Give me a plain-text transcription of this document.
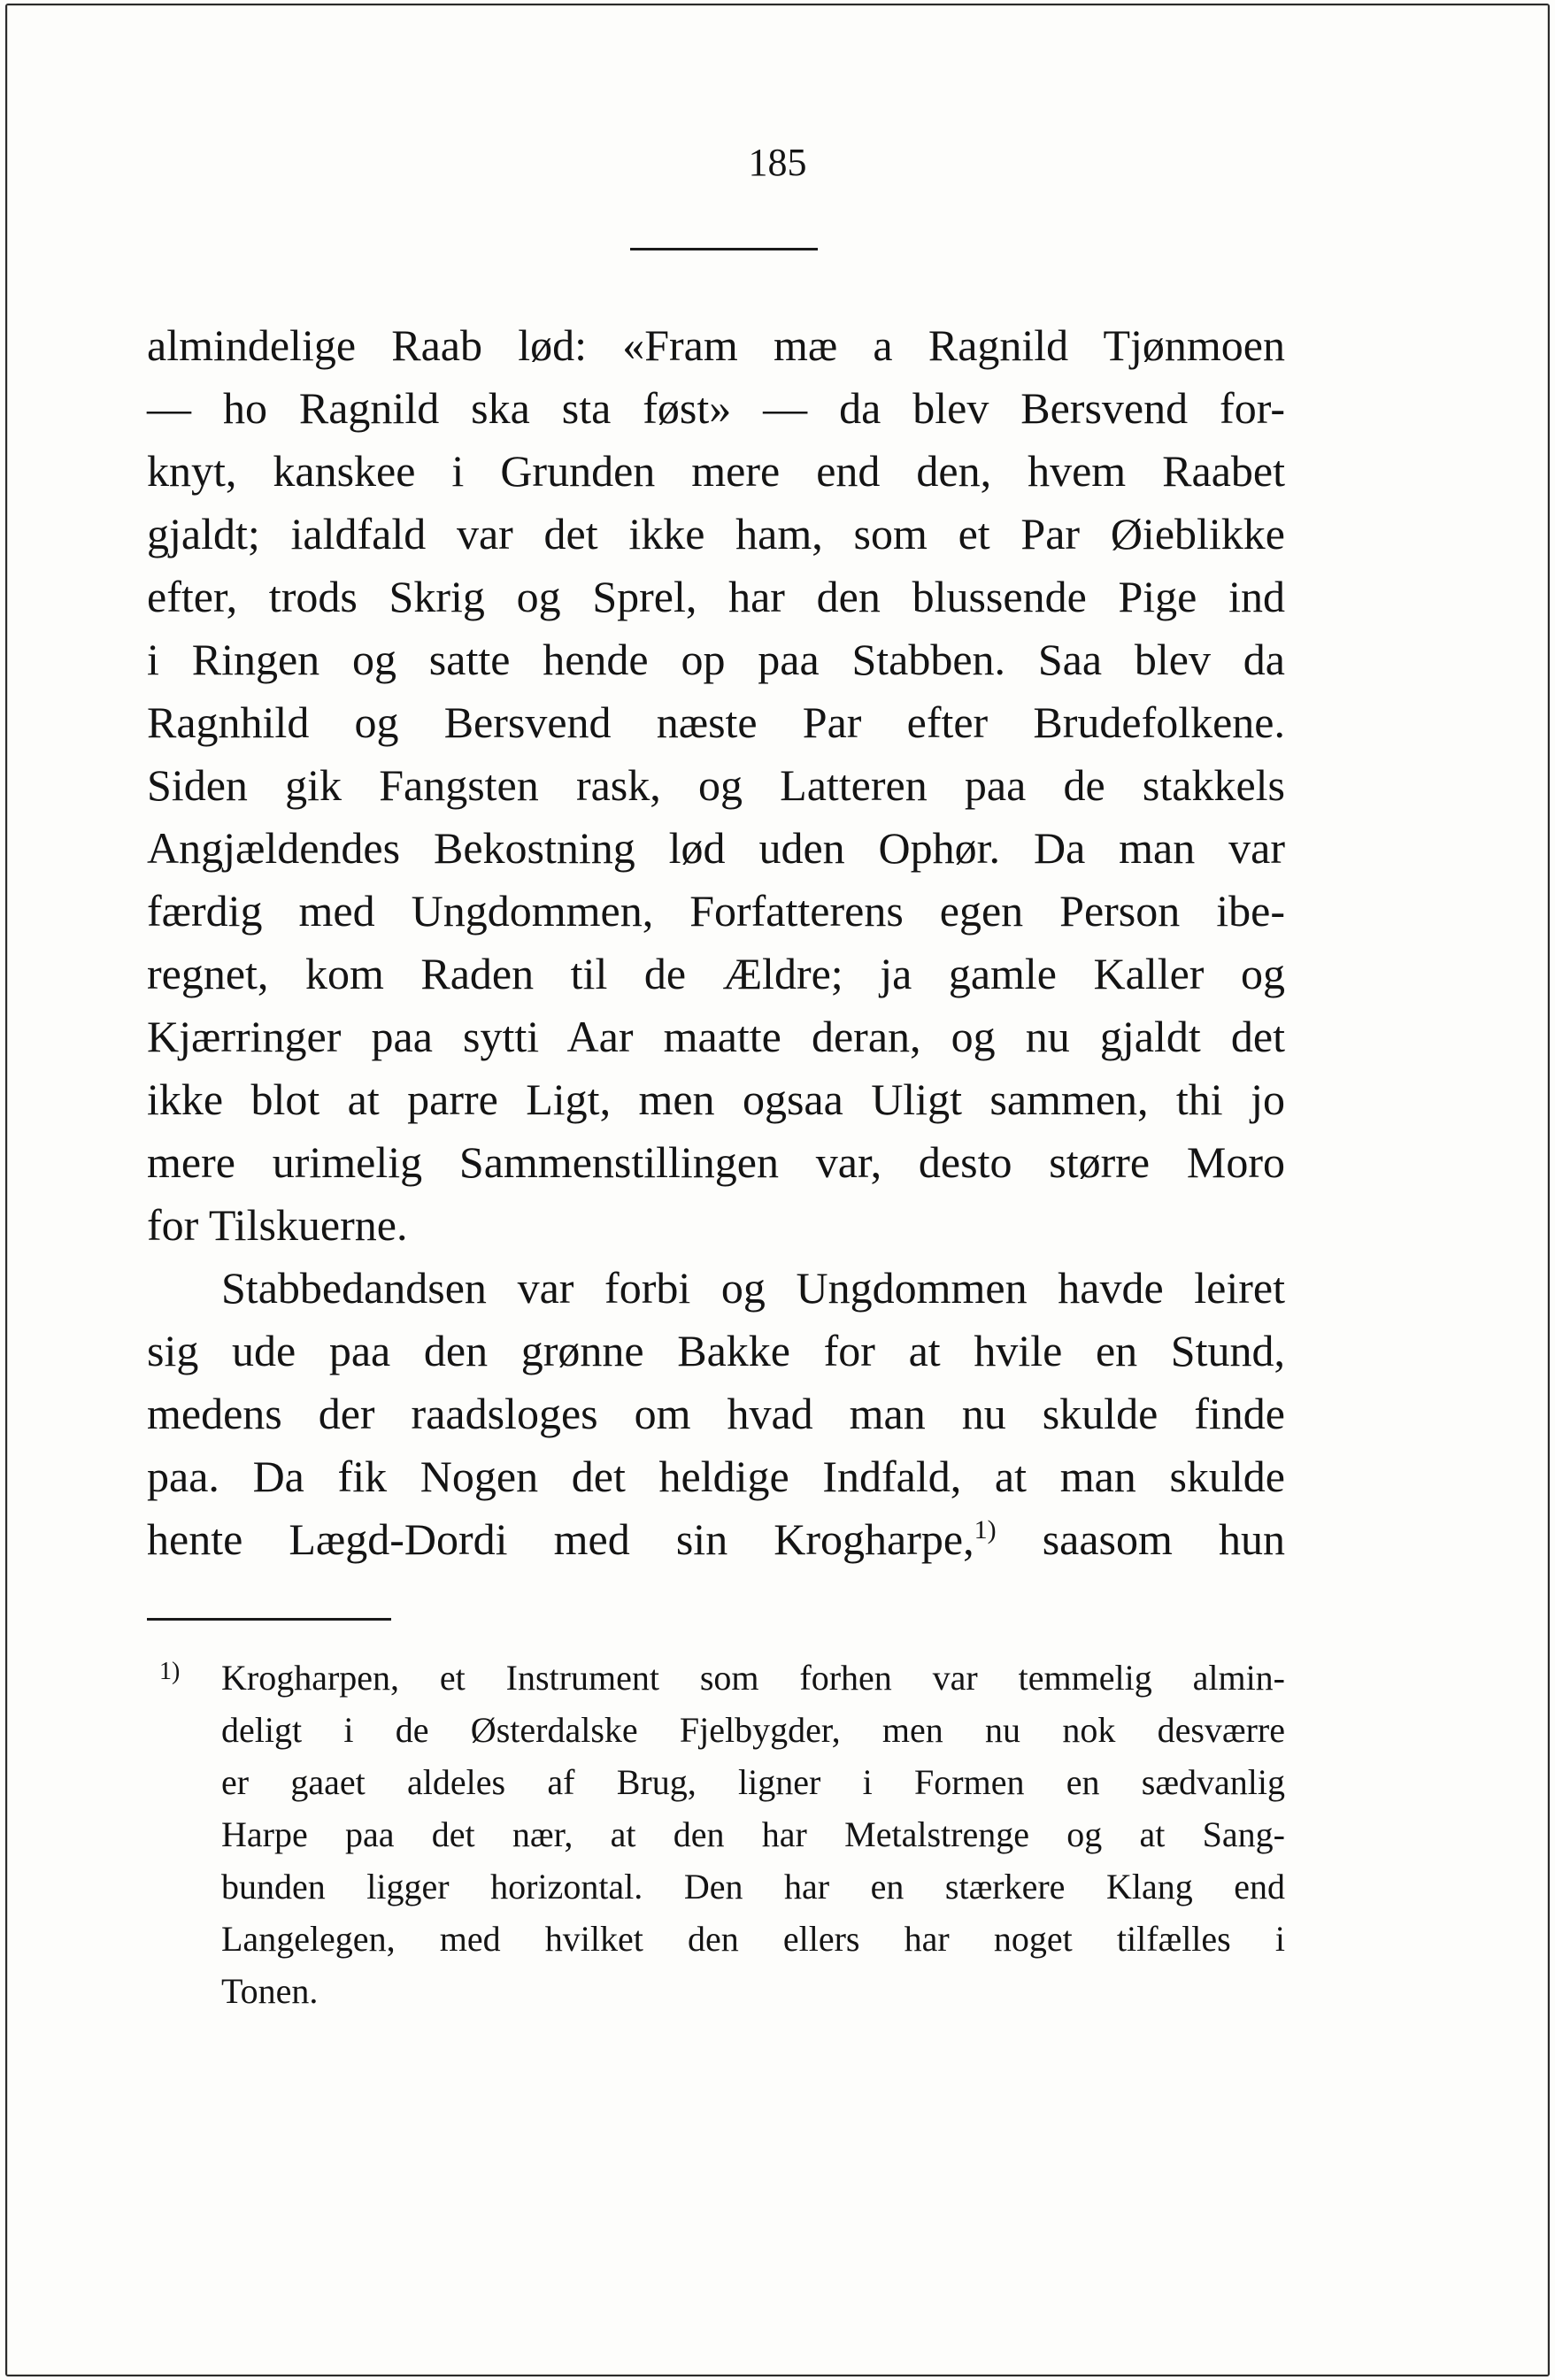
185
almindelige Raab lød: «Fram mæ a Ragnild Tjønmoen
— ho Ragnild ska sta føst» — da blev Bersvend for-
knyt, kanskee i Grunden mere end den, hvem Raabet
gjaldt; ialdfald var det ikke ham, som et Par Øieblikke
efter, trods Skrig og Sprel, har den blussende Pige ind
i Ringen og satte hende op paa Stabben. Saa blev da
Ragnhild og Bersvend næste Par efter Brudefolkene.
Siden gik Fangsten rask, og Latteren paa de stakkels
Angjældendes Bekostning lød uden Ophør. Da man var
færdig med Ungdommen, Forfatterens egen Person ibe-
regnet, kom Raden til de Ældre; ja gamle Kaller og
Kjærringer paa sytti Aar maatte deran, og nu gjaldt det
ikke blot at parre Ligt, men ogsaa Uligt sammen, thi jo
mere urimelig Sammenstillingen var, desto større Moro
for Tilskuerne.
Stabbedandsen var forbi og Ungdommen havde leiret
sig ude paa den grønne Bakke for at hvile en Stund,
medens der raadsloges om hvad man nu skulde finde
paa. Da fik Nogen det heldige Indfald, at man skulde
hente Lægd-Dordi med sin Krogharpe,$^{1)}$ saasom hun
$^{1)}$ Krogharpen, et Instrument som forhen var temmelig almin-
deligt i de Østerdalske Fjelbygder, men nu nok desværre
er gaaet aldeles af Brug, ligner i Formen en sædvanlig
Harpe paa det nær, at den har Metalstrenge og at Sang-
bunden ligger horizontal. Den har en stærkere Klang end
Langelegen, med hvilket den ellers har noget tilfælles i
Tonen.
